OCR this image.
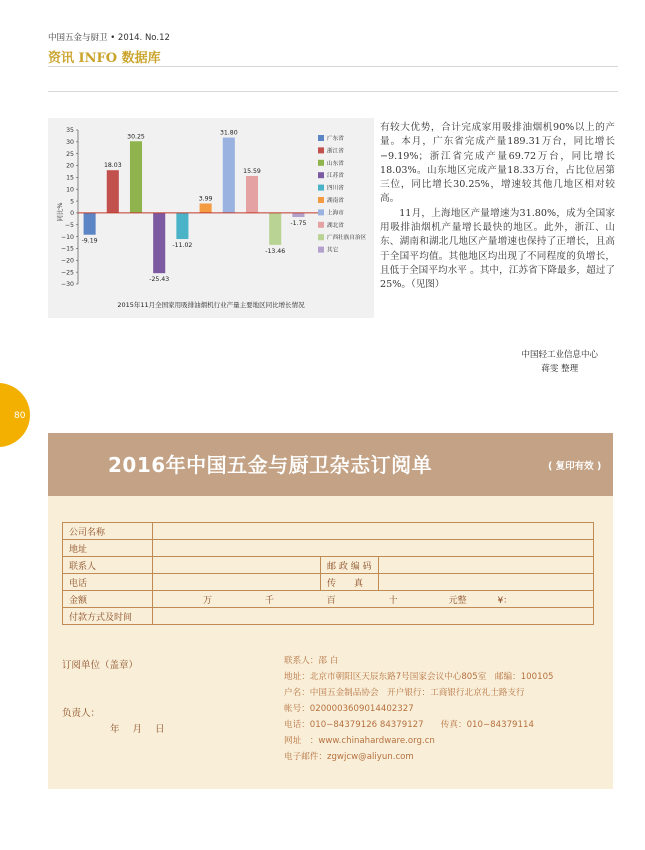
中国五金与厨卫 • 2014. No.12
资讯 INFO 数据库
同比%
35
30
25
20
15
10
5
0
−5
−10
−15
−20
−25
−30
-9.19
18.03
30.25
-25.43
-11.02
3.99
31.80
15.59
-13.46
-1.75
广东省
浙江省
山东省
江苏省
四川省
湖南省
上海市
湖北省
广西壮族自治区
其它
2015年11月全国家用吸排油烟机行业产量主要地区同比增长情况

有较大优势，合计完成家用吸排油烟机90%以上的产量。本月，广东省完成产量189.31万台，同比增长−9.19%；浙江省完成产量69.72万台，同比增长18.03%。山东地区完成产量18.33万台，占比位居第三位，同比增长30.25%，增速较其他几地区相对较高。

11月，上海地区产量增速为31.80%，成为全国家用吸排油烟机产量增长最快的地区。此外，浙江、山东、湖南和湖北几地区产量增速也保持了正增长，且高于全国平均值。其他地区均出现了不同程度的负增长，且低于全国平均水平 。其中，江苏省下降最多，超过了25%。（见图）

中国轻工业信息中心
蒋雯 整理
80
2016年中国五金与厨卫杂志订阅单	( 复印有效 )
公司名称			
地址			
联系人		邮 政 编 码	
电话		传　　真	
金额	万 千 百 十 元整 ¥：		
付款方式及时间			
订阅单位（盖章）
负责人：
年 月 日
联系人：邵 白
地址：北京市朝阳区天辰东路7号国家会议中心805室　邮编：100105
户名：中国五金制品协会　开户银行：工商银行北京礼士路支行
帐号：0200003609014402327
电话：010−84379126 84379127　　传真：010−84379114
网址　：www.chinahardware.org.cn
电子邮件：zgwjcw@aliyun.com
